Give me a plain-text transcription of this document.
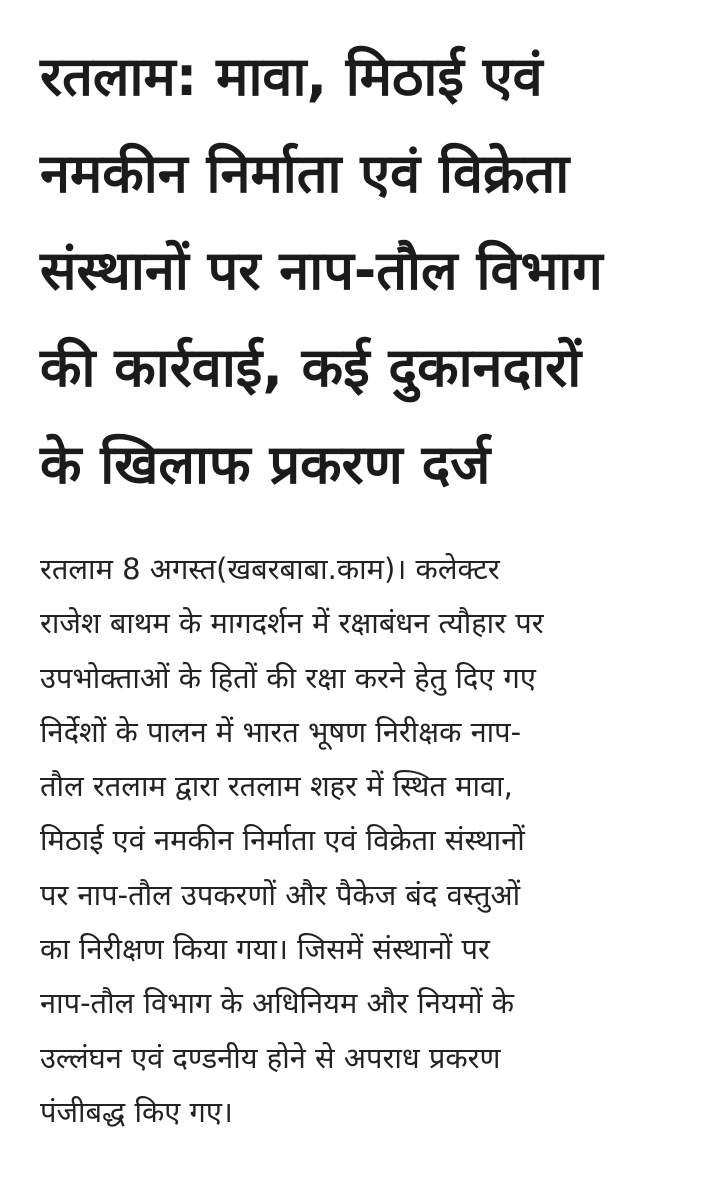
रतलाम: मावा, मिठाई एवं
नमकीन निर्माता एवं विक्रेता
संस्थानों पर नाप-तौल विभाग
की कार्रवाई, कई दुकानदारों
के खिलाफ प्रकरण दर्ज
रतलाम 8 अगस्त(खबरबाबा.काम)। कलेक्टर
राजेश बाथम के मागदर्शन में रक्षाबंधन त्यौहार पर
उपभोक्ताओं के हितों की रक्षा करने हेतु दिए गए
निर्देशों के पालन में भारत भूषण निरीक्षक नाप-
तौल रतलाम द्वारा रतलाम शहर में स्थित मावा,
मिठाई एवं नमकीन निर्माता एवं विक्रेता संस्थानों
पर नाप-तौल उपकरणों और पैकेज बंद वस्तुओं
का निरीक्षण किया गया। जिसमें संस्थानों पर
नाप-तौल विभाग के अधिनियम और नियमों के
उल्लंघन एवं दण्डनीय होने से अपराध प्रकरण
पंजीबद्ध किए गए।
